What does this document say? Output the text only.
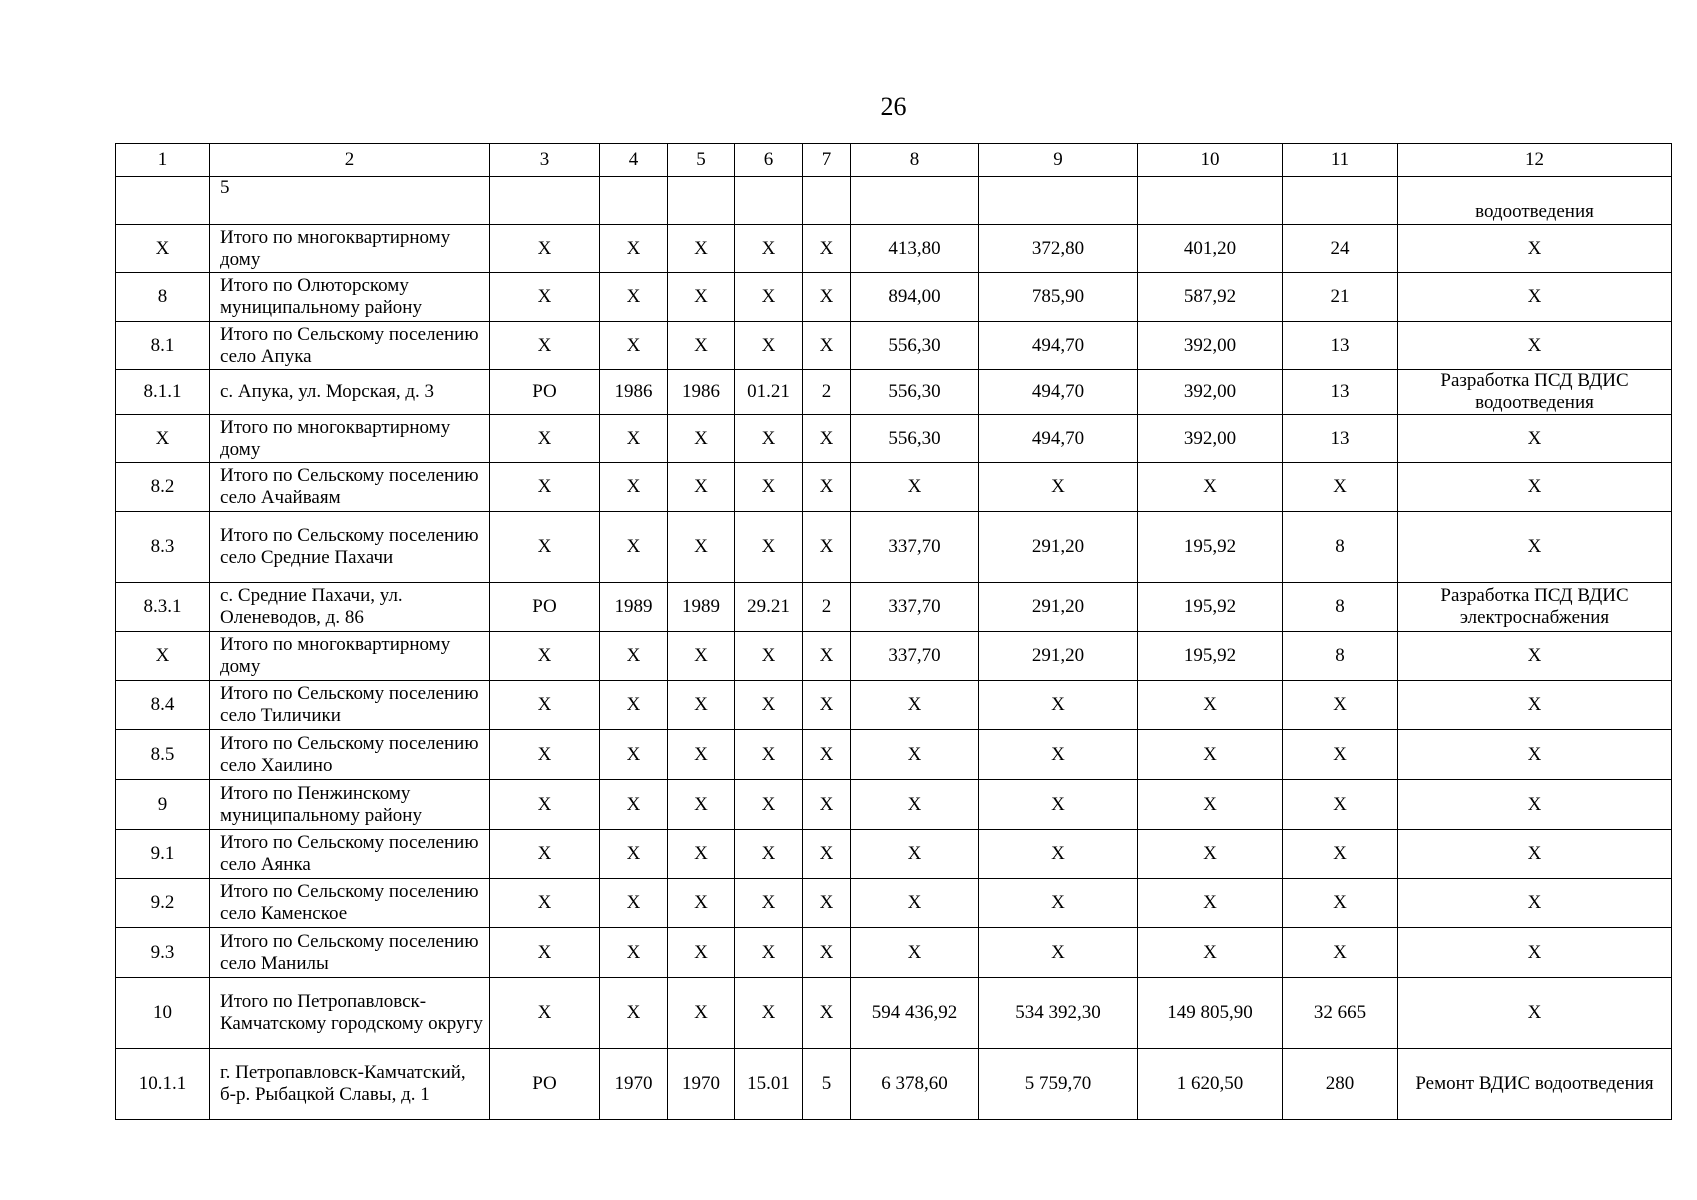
26
1	2	3	4	5	6	7	8	9	10	11	12
	5										водоотведения
X	Итого по многоквартирному дому	X	X	X	X	X	413,80	372,80	401,20	24	X
8	Итого по Олюторскому муниципальному району	X	X	X	X	X	894,00	785,90	587,92	21	X
8.1	Итого по Сельскому поселению село Апука	X	X	X	X	X	556,30	494,70	392,00	13	X
8.1.1	с. Апука, ул. Морская, д. 3	РО	1986	1986	01.21	2	556,30	494,70	392,00	13	Разработка ПСД ВДИС водоотведения
X	Итого по многоквартирному дому	X	X	X	X	X	556,30	494,70	392,00	13	X
8.2	Итого по Сельскому поселению село Ачайваям	X	X	X	X	X	X	X	X	X	X
8.3	Итого по Сельскому поселению село Средние Пахачи	X	X	X	X	X	337,70	291,20	195,92	8	X
8.3.1	с. Средние Пахачи, ул. Оленеводов, д. 86	РО	1989	1989	29.21	2	337,70	291,20	195,92	8	Разработка ПСД ВДИС электроснабжения
X	Итого по многоквартирному дому	X	X	X	X	X	337,70	291,20	195,92	8	X
8.4	Итого по Сельскому поселению село Тиличики	X	X	X	X	X	X	X	X	X	X
8.5	Итого по Сельскому поселению село Хаилино	X	X	X	X	X	X	X	X	X	X
9	Итого по Пенжинскому муниципальному району	X	X	X	X	X	X	X	X	X	X
9.1	Итого по Сельскому поселению село Аянка	X	X	X	X	X	X	X	X	X	X
9.2	Итого по Сельскому поселению село Каменское	X	X	X	X	X	X	X	X	X	X
9.3	Итого по Сельскому поселению село Манилы	X	X	X	X	X	X	X	X	X	X
10	Итого по Петропавловск-Камчатскому городскому округу	X	X	X	X	X	594 436,92	534 392,30	149 805,90	32 665	X
10.1.1	г. Петропавловск-Камчатский, б-р. Рыбацкой Славы, д. 1	РО	1970	1970	15.01	5	6 378,60	5 759,70	1 620,50	280	Ремонт ВДИС водоотведения
